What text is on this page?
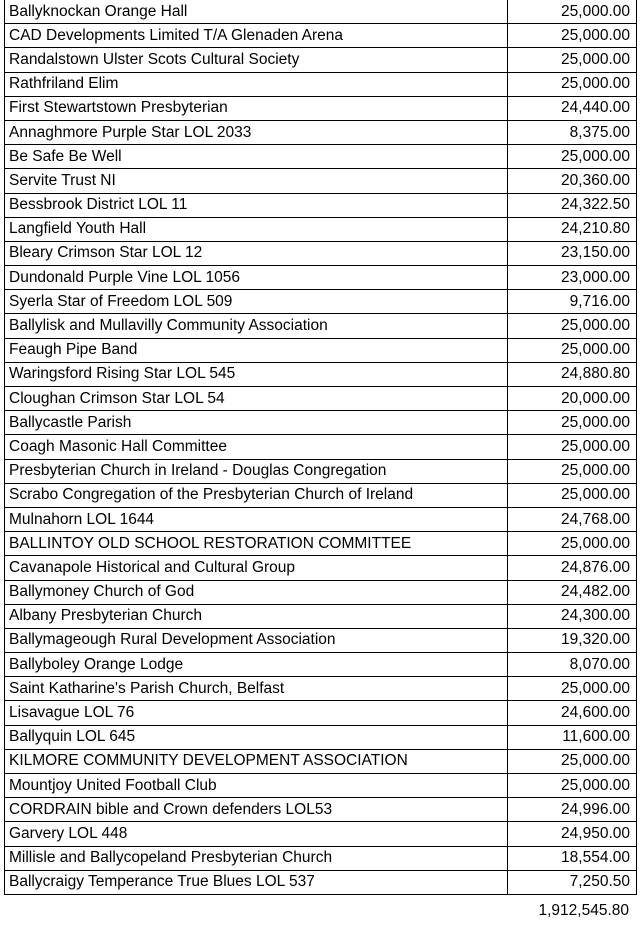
Ballyknockan Orange Hall	25,000.00
CAD Developments Limited T/A Glenaden Arena	25,000.00
Randalstown Ulster Scots Cultural Society	25,000.00
Rathfriland Elim	25,000.00
First Stewartstown Presbyterian	24,440.00
Annaghmore Purple Star LOL 2033	8,375.00
Be Safe Be Well	25,000.00
Servite Trust NI	20,360.00
Bessbrook District LOL 11	24,322.50
Langfield Youth Hall	24,210.80
Bleary Crimson Star LOL 12	23,150.00
Dundonald Purple Vine LOL 1056	23,000.00
Syerla Star of Freedom LOL 509	9,716.00
Ballylisk and Mullavilly Community Association	25,000.00
Feaugh Pipe Band	25,000.00
Waringsford Rising Star LOL 545	24,880.80
Cloughan Crimson Star LOL 54	20,000.00
Ballycastle Parish	25,000.00
Coagh Masonic Hall Committee	25,000.00
Presbyterian Church in Ireland - Douglas Congregation	25,000.00
Scrabo Congregation of the Presbyterian Church of Ireland	25,000.00
Mulnahorn LOL 1644	24,768.00
BALLINTOY OLD SCHOOL RESTORATION COMMITTEE	25,000.00
Cavanapole Historical and Cultural Group	24,876.00
Ballymoney Church of God	24,482.00
Albany Presbyterian Church	24,300.00
Ballymageough Rural Development Association	19,320.00
Ballyboley Orange Lodge	8,070.00
Saint Katharine's Parish Church, Belfast	25,000.00
Lisavague LOL 76	24,600.00
Ballyquin LOL 645	11,600.00
KILMORE COMMUNITY DEVELOPMENT ASSOCIATION	25,000.00
Mountjoy United Football Club	25,000.00
CORDRAIN bible and Crown defenders LOL53	24,996.00
Garvery LOL 448	24,950.00
Millisle and Ballycopeland Presbyterian Church	18,554.00
Ballycraigy Temperance True Blues LOL 537	7,250.50
1,912,545.80
